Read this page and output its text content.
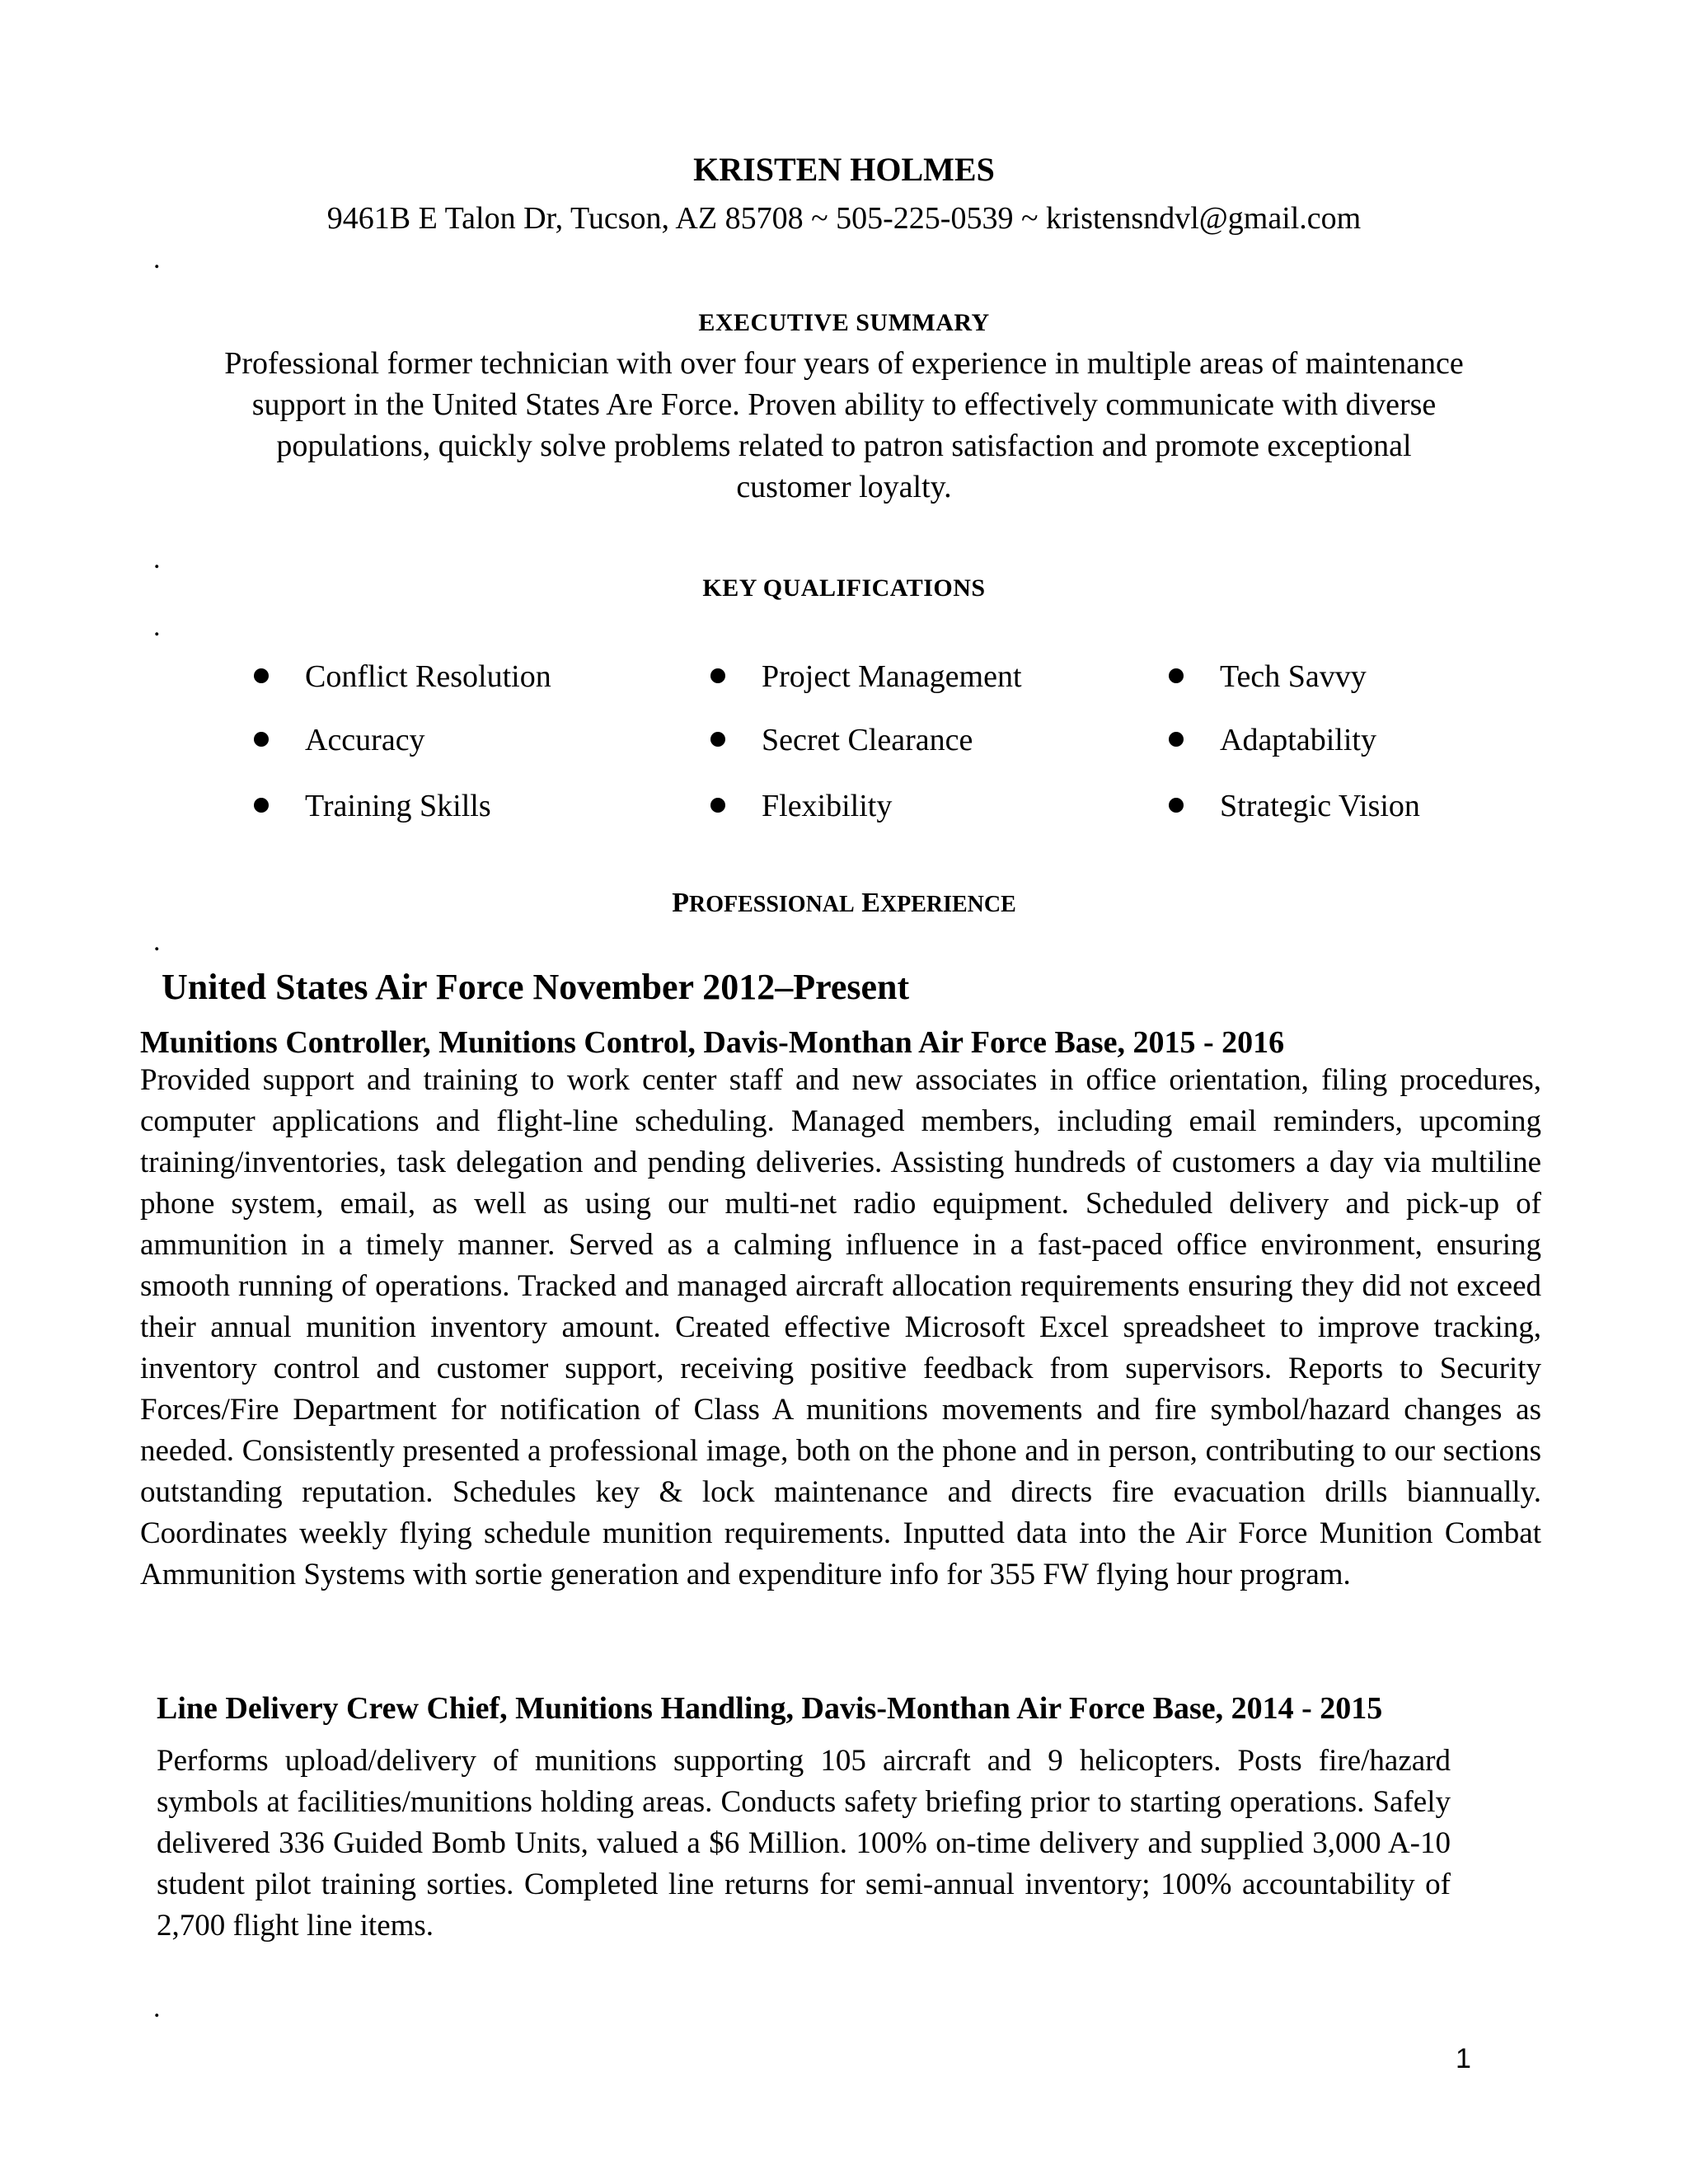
KRISTEN HOLMES
9461B E Talon Dr, Tucson, AZ 85708 ~ 505-225-0539 ~ kristensndvl@gmail.com
.
EXECUTIVE SUMMARY
Professional former technician with over four years of experience in multiple areas of maintenance support in the United States Are Force. Proven ability to effectively communicate with diverse populations, quickly solve problems related to patron satisfaction and promote exceptional customer loyalty.
.
KEY QUALIFICATIONS
.
Conflict Resolution	Project Management	Tech Savvy
Accuracy	Secret Clearance	Adaptability
Training Skills	Flexibility	Strategic Vision
PROFESSIONAL EXPERIENCE
.
United States Air Force November 2012–Present
Munitions Controller, Munitions Control, Davis-Monthan Air Force Base, 2015 - 2016
Provided support and training to work center staff and new associates in office orientation, filing procedures, computer applications and flight-line scheduling. Managed members, including email reminders, upcoming training/inventories, task delegation and pending deliveries. Assisting hundreds of customers a day via multiline phone system, email, as well as using our multi-net radio equipment. Scheduled delivery and pick-up of ammunition in a timely manner. Served as a calming influence in a fast-paced office environment, ensuring smooth running of operations. Tracked and managed aircraft allocation requirements ensuring they did not exceed their annual munition inventory amount. Created effective Microsoft Excel spreadsheet to improve tracking, inventory control and customer support, receiving positive feedback from supervisors. Reports to Security Forces/Fire Department for notification of Class A munitions movements and fire symbol/hazard changes as needed. Consistently presented a professional image, both on the phone and in person, contributing to our sections outstanding reputation. Schedules key & lock maintenance and directs fire evacuation drills biannually. Coordinates weekly flying schedule munition requirements. Inputted data into the Air Force Munition Combat Ammunition Systems with sortie generation and expenditure info for 355 FW flying hour program.
Line Delivery Crew Chief, Munitions Handling, Davis-Monthan Air Force Base, 2014 - 2015
Performs upload/delivery of munitions supporting 105 aircraft and 9 helicopters. Posts fire/hazard symbols at facilities/munitions holding areas. Conducts safety briefing prior to starting operations. Safely delivered 336 Guided Bomb Units, valued a $6 Million. 100% on-time delivery and supplied 3,000 A-10 student pilot training sorties. Completed line returns for semi-annual inventory; 100% accountability of 2,700 flight line items.
.
1
